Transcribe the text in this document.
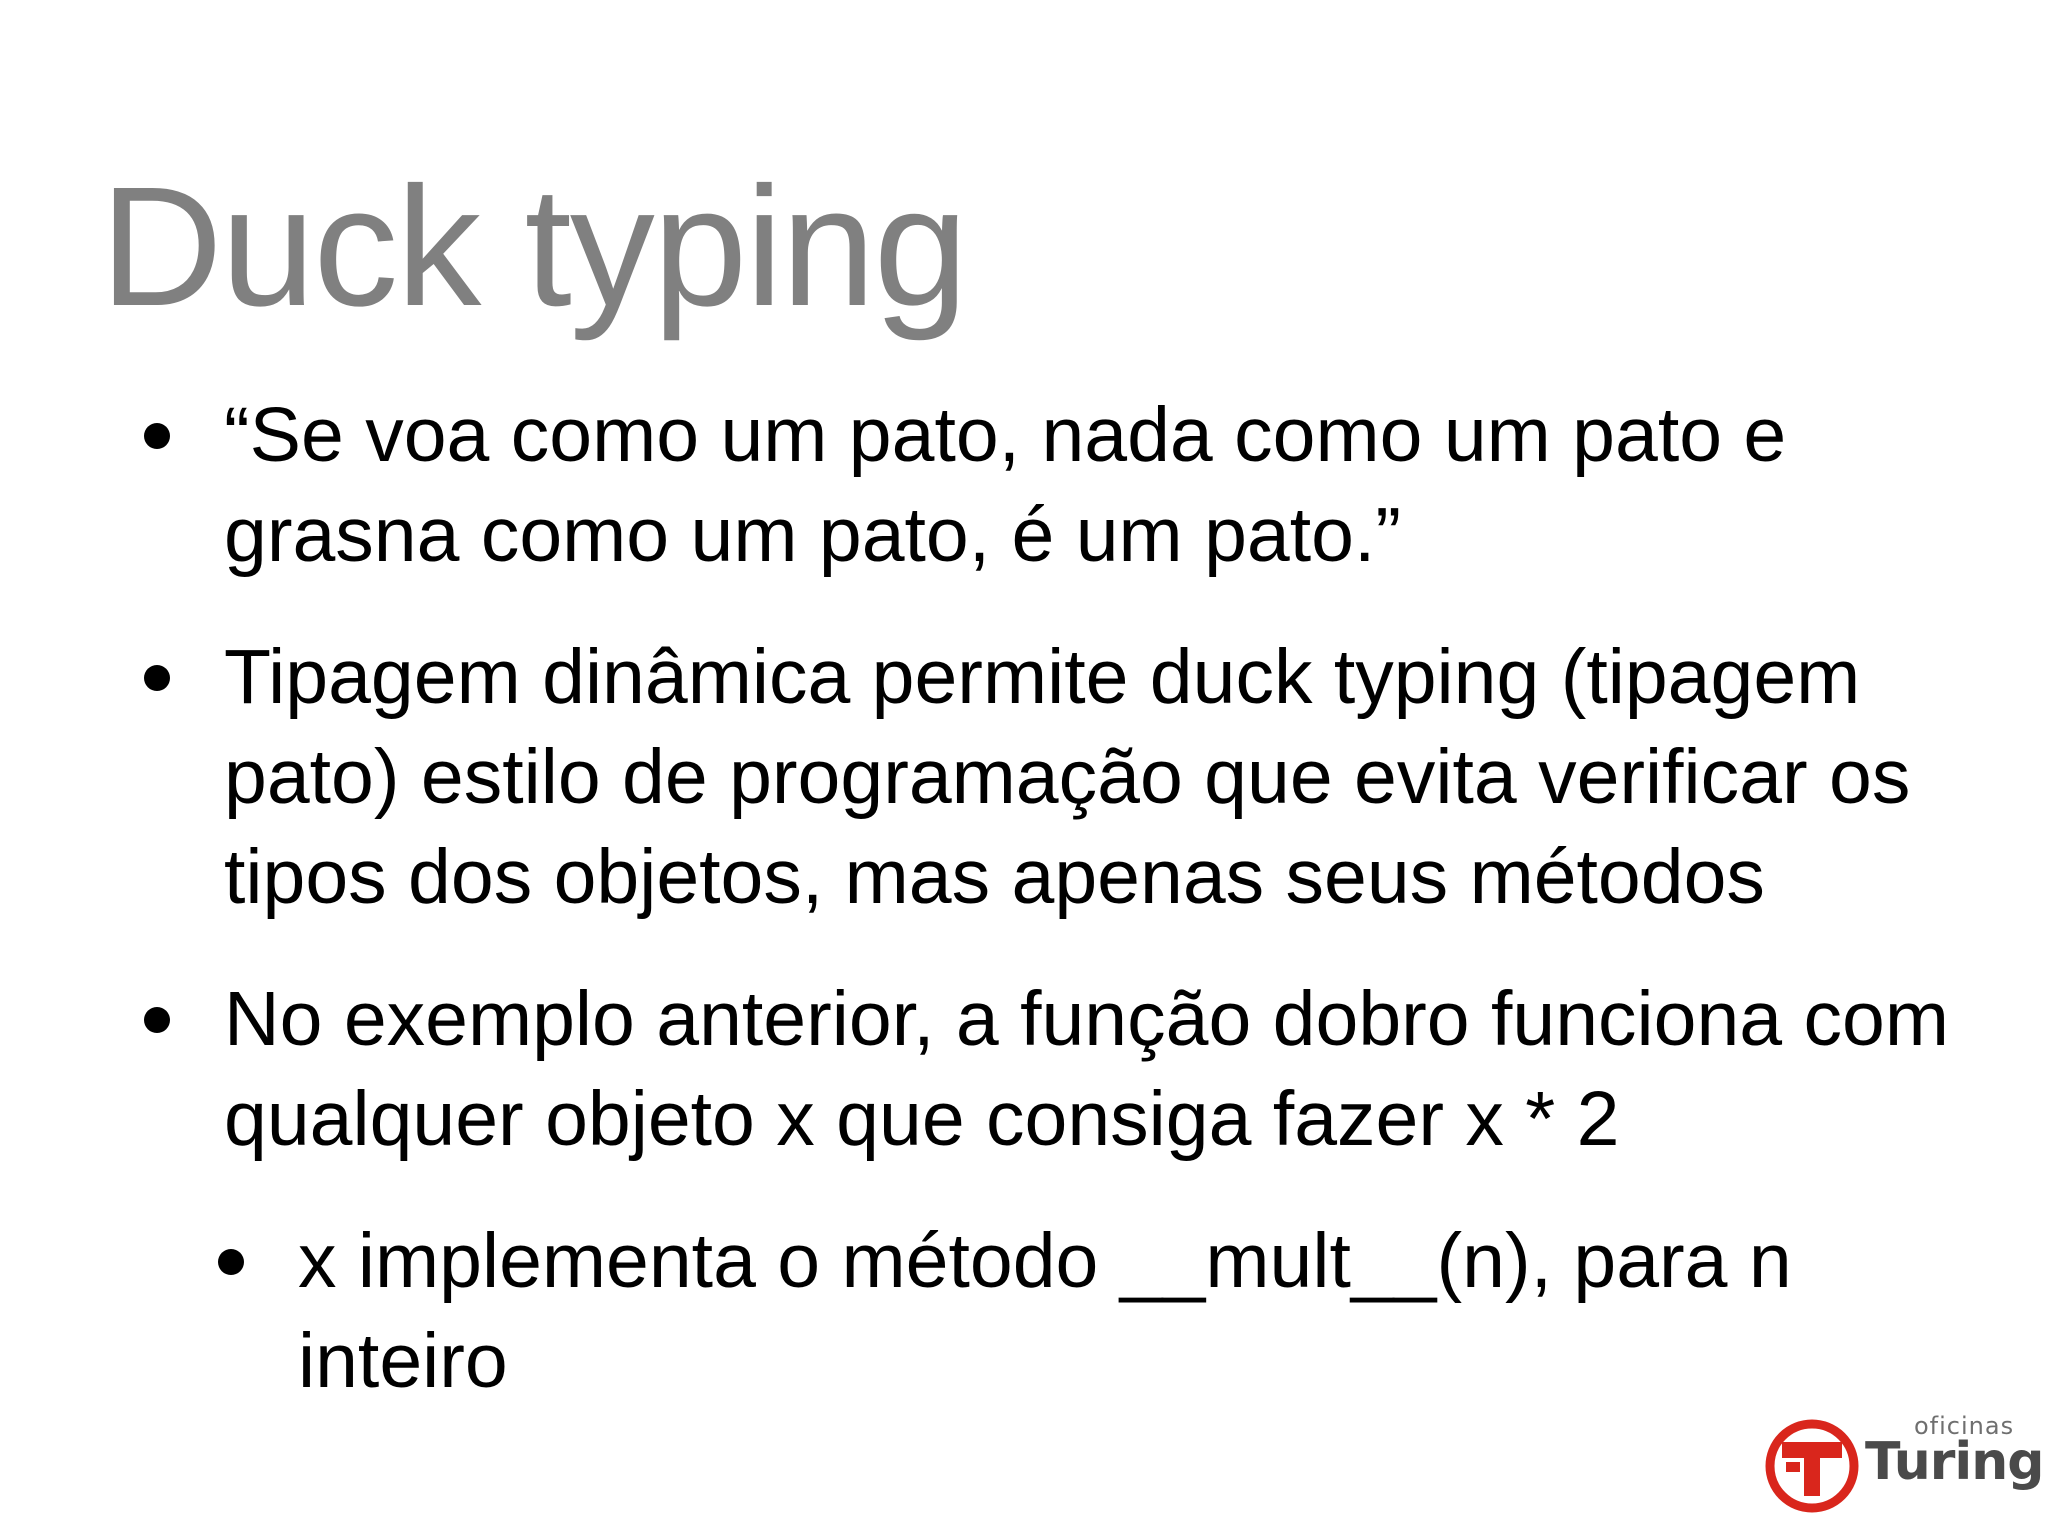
Duck typing
“Se voa como um pato, nada como um pato e grasna como um pato, é um pato.”
Tipagem dinâmica permite duck typing (tipagem pato) estilo de programação que evita verificar os tipos dos objetos, mas apenas seus métodos
No exemplo anterior, a função dobro funciona com qualquer objeto x que consiga fazer x * 2
x implementa o método __mult__(n), para n inteiro
oficinas
Turing
